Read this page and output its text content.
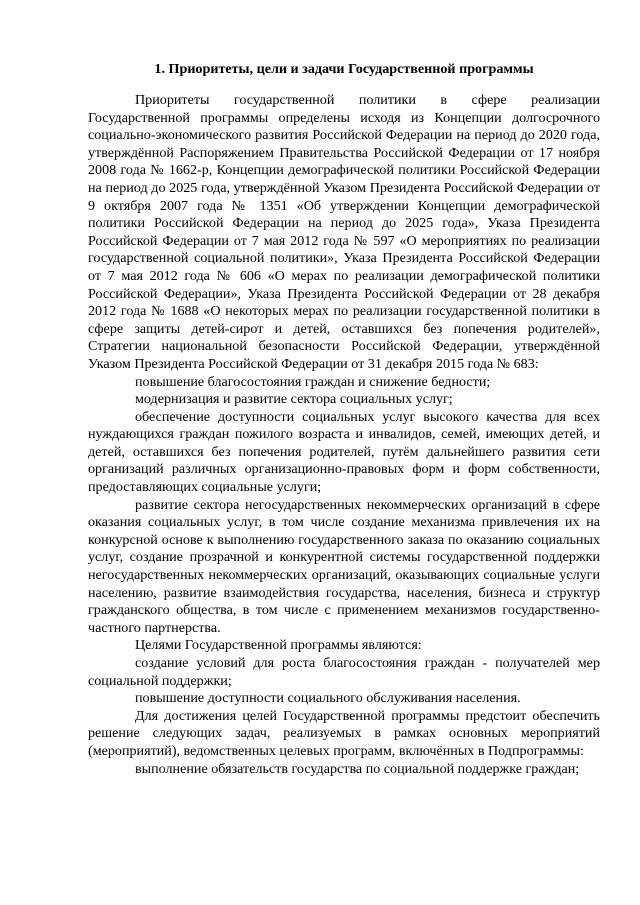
1. Приоритеты, цели и задачи Государственной программы

Приоритеты государственной политики в сфере реализации Государственной программы определены исходя из Концепции долгосрочного социально-экономического развития Российской Федерации на период до 2020 года, утверждённой Распоряжением Правительства Российской Федерации от 17 ноября 2008 года № 1662-р, Концепции демографической политики Российской Федерации на период до 2025 года, утверждённой Указом Президента Российской Федерации от 9 октября 2007 года № 1351 «Об утверждении Концепции демографической политики Российской Федерации на период до 2025 года», Указа Президента Российской Федерации от 7 мая 2012 года № 597 «О мероприятиях по реализации государственной социальной политики», Указа Президента Российской Федерации от 7 мая 2012 года № 606 «О мерах по реализации демографической политики Российской Федерации», Указа Президента Российской Федерации от 28 декабря 2012 года № 1688 «О некоторых мерах по реализации государственной политики в сфере защиты детей-сирот и детей, оставшихся без попечения родителей», Стратегии национальной безопасности Российской Федерации, утверждённой Указом Президента Российской Федерации от 31 декабря 2015 года № 683:

повышение благосостояния граждан и снижение бедности;

модернизация и развитие сектора социальных услуг;

обеспечение доступности социальных услуг высокого качества для всех нуждающихся граждан пожилого возраста и инвалидов, семей, имеющих детей, и детей, оставшихся без попечения родителей, путём дальнейшего развития сети организаций различных организационно-правовых форм и форм собственности, предоставляющих социальные услуги;

развитие сектора негосударственных некоммерческих организаций в сфере оказания социальных услуг, в том числе создание механизма привлечения их на конкурсной основе к выполнению государственного заказа по оказанию социальных услуг, создание прозрачной и конкурентной системы государственной поддержки негосударственных некоммерческих организаций, оказывающих социальные услуги населению, развитие взаимодействия государства, населения, бизнеса и структур гражданского общества, в том числе с применением механизмов государственно-частного партнерства.

Целями Государственной программы являются:

создание условий для роста благосостояния граждан - получателей мер социальной поддержки;

повышение доступности социального обслуживания населения.

Для достижения целей Государственной программы предстоит обеспечить решение следующих задач, реализуемых в рамках основных мероприятий (мероприятий), ведомственных целевых программ, включённых в Подпрограммы:

выполнение обязательств государства по социальной поддержке граждан;
